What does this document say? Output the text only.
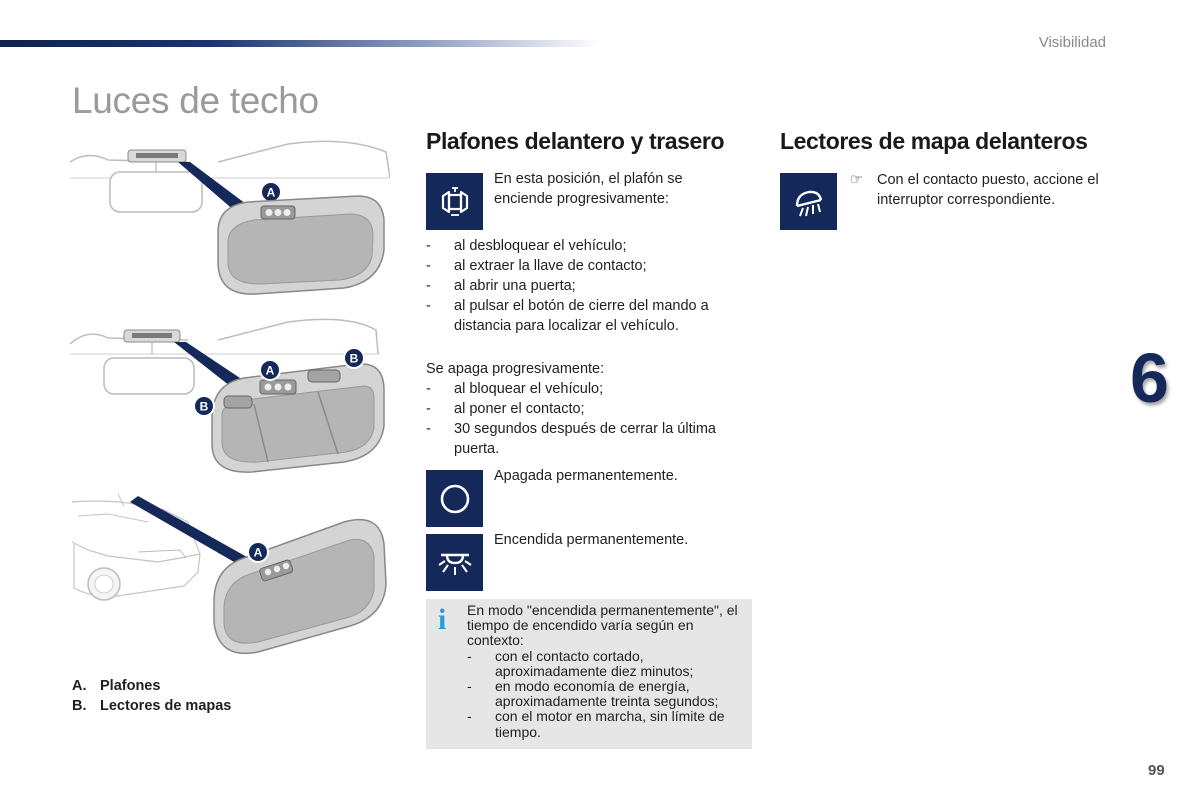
Visibilidad
Luces de techo
A
A
B
B
A
A. Plafones
B. Lectores de mapas
Plafones delantero y trasero
En esta posición, el plafón se enciende progresivamente:
- al desbloquear el vehículo;
- al extraer la llave de contacto;
- al abrir una puerta;
- al pulsar el botón de cierre del mando a distancia para localizar el vehículo.
Se apaga progresivamente:
- al bloquear el vehículo;
- al poner el contacto;
- 30 segundos después de cerrar la última puerta.
Apagada permanentemente.
Encendida permanentemente.
i En modo "encendida permanentemente", el tiempo de encendido varía según en contexto:
- con el contacto cortado, aproximadamente diez minutos;
- en modo economía de energía, aproximadamente treinta segundos;
- con el motor en marcha, sin límite de tiempo.
Lectores de mapa delanteros
☞ Con el contacto puesto, accione el interruptor correspondiente.
6
99
